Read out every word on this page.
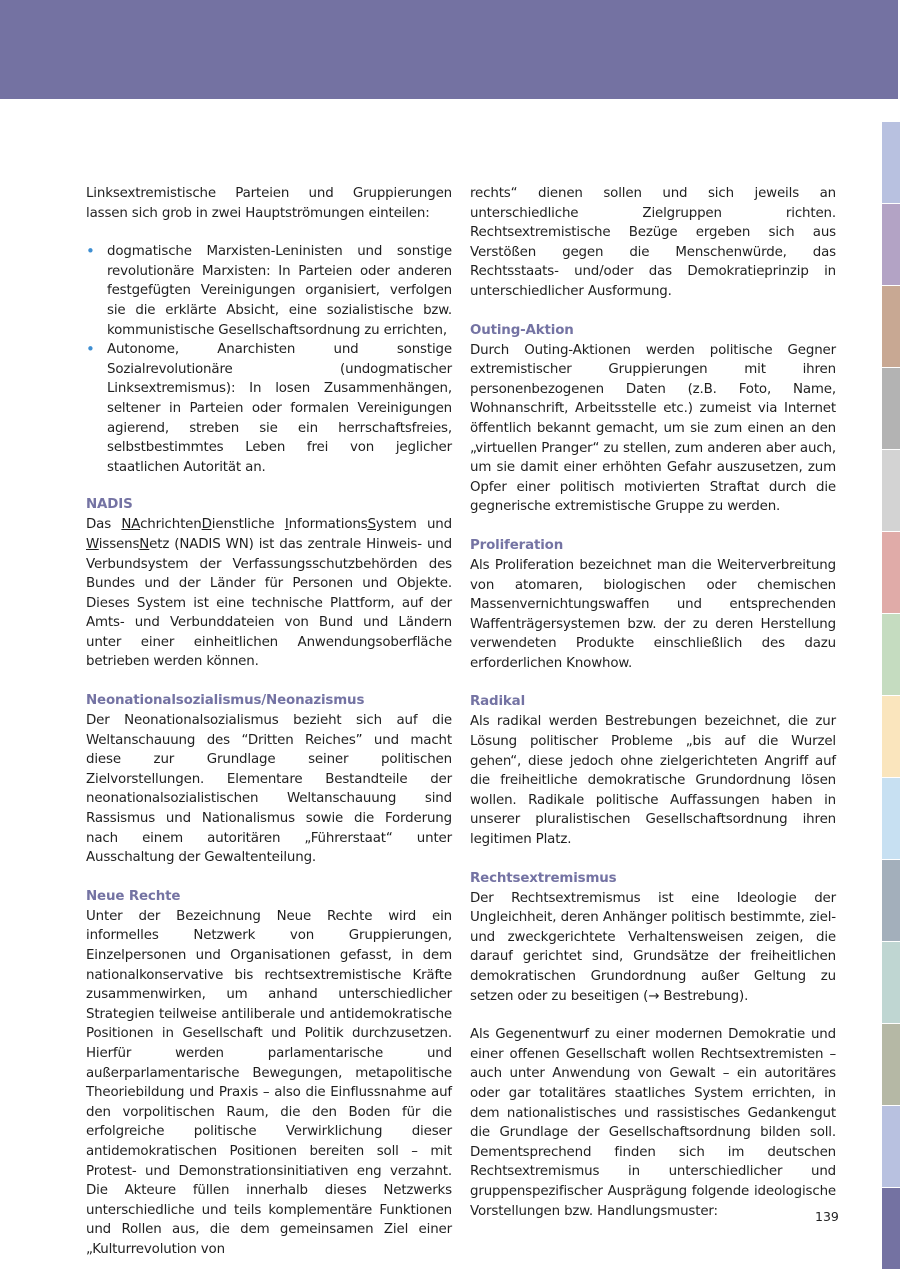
Linksextremistische Parteien und Gruppierungen lassen sich grob in zwei Hauptströmungen einteilen:

• dogmatische Marxisten-Leninisten und sonstige revolutionäre Marxisten: In Parteien oder anderen festgefügten Vereinigungen organisiert, verfolgen sie die erklärte Absicht, eine sozialistische bzw. kommunistische Gesellschaftsordnung zu errichten,
• Autonome, Anarchisten und sonstige Sozialrevolutionäre (undogmatischer Linksextremismus): In losen Zusammenhängen, seltener in Parteien oder formalen Vereinigungen agierend, streben sie ein herrschaftsfreies, selbstbestimmtes Leben frei von jeglicher staatlichen Autorität an.
NADIS

Das NAchrichtenDienstliche InformationsSystem und WissensNetz (NADIS WN) ist das zentrale Hinweis- und Verbundsystem der Verfassungsschutzbehörden des Bundes und der Länder für Personen und Objekte. Dieses System ist eine technische Plattform, auf der Amts- und Verbunddateien von Bund und Ländern unter einer einheitlichen Anwendungsoberfläche betrieben werden können.

Neonationalsozialismus/Neonazismus

Der Neonationalsozialismus bezieht sich auf die Weltanschauung des “Dritten Reiches” und macht diese zur Grundlage seiner politischen Zielvorstellungen. Elementare Bestandteile der neonationalsozialistischen Weltanschauung sind Rassismus und Nationalismus sowie die Forderung nach einem autoritären „Führerstaat“ unter Ausschaltung der Gewaltenteilung.

Neue Rechte

Unter der Bezeichnung Neue Rechte wird ein informelles Netzwerk von Gruppierungen, Einzelpersonen und Organisationen gefasst, in dem nationalkonservative bis rechtsextremistische Kräfte zusammenwirken, um anhand unterschiedlicher Strategien teilweise antiliberale und antidemokratische Positionen in Gesellschaft und Politik durchzusetzen. Hierfür werden parlamentarische und außerparlamentarische Bewegungen, metapolitische Theoriebildung und Praxis – also die Einflussnahme auf den vorpolitischen Raum, die den Boden für die erfolgreiche politische Verwirklichung dieser antidemokratischen Positionen bereiten soll – mit Protest- und Demonstrationsinitiativen eng verzahnt. Die Akteure füllen innerhalb dieses Netzwerks unterschiedliche und teils komplementäre Funktionen und Rollen aus, die dem gemeinsamen Ziel einer „Kulturrevolution von

rechts“ dienen sollen und sich jeweils an unterschiedliche Zielgruppen richten. Rechtsextremistische Bezüge ergeben sich aus Verstößen gegen die Menschenwürde, das Rechtsstaats- und/oder das Demokratieprinzip in unterschiedlicher Ausformung.

Outing-Aktion

Durch Outing-Aktionen werden politische Gegner extremistischer Gruppierungen mit ihren personenbezogenen Daten (z.B. Foto, Name, Wohnanschrift, Arbeitsstelle etc.) zumeist via Internet öffentlich bekannt gemacht, um sie zum einen an den „virtuellen Pranger“ zu stellen, zum anderen aber auch, um sie damit einer erhöhten Gefahr auszusetzen, zum Opfer einer politisch motivierten Straftat durch die gegnerische extremistische Gruppe zu werden.

Proliferation

Als Proliferation bezeichnet man die Weiterverbreitung von atomaren, biologischen oder chemischen Massenvernichtungswaffen und entsprechenden Waffenträgersystemen bzw. der zu deren Herstellung verwendeten Produkte einschließlich des dazu erforderlichen Knowhow.

Radikal

Als radikal werden Bestrebungen bezeichnet, die zur Lösung politischer Probleme „bis auf die Wurzel gehen“, diese jedoch ohne zielgerichteten Angriff auf die freiheitliche demokratische Grundordnung lösen wollen. Radikale politische Auffassungen haben in unserer pluralistischen Gesellschaftsordnung ihren legitimen Platz.

Rechtsextremismus

Der Rechtsextremismus ist eine Ideologie der Ungleichheit, deren Anhänger politisch bestimmte, ziel- und zweckgerichtete Verhaltensweisen zeigen, die darauf gerichtet sind, Grundsätze der freiheitlichen demokratischen Grundordnung außer Geltung zu setzen oder zu beseitigen (→ Bestrebung).

Als Gegenentwurf zu einer modernen Demokratie und einer offenen Gesellschaft wollen Rechtsextremisten – auch unter Anwendung von Gewalt – ein autoritäres oder gar totalitäres staatliches System errichten, in dem nationalistisches und rassistisches Gedankengut die Grundlage der Gesellschaftsordnung bilden soll. Dementsprechend finden sich im deutschen Rechtsextremismus in unterschiedlicher und gruppenspezifischer Ausprägung folgende ideologische Vorstellungen bzw. Handlungsmuster:	139
